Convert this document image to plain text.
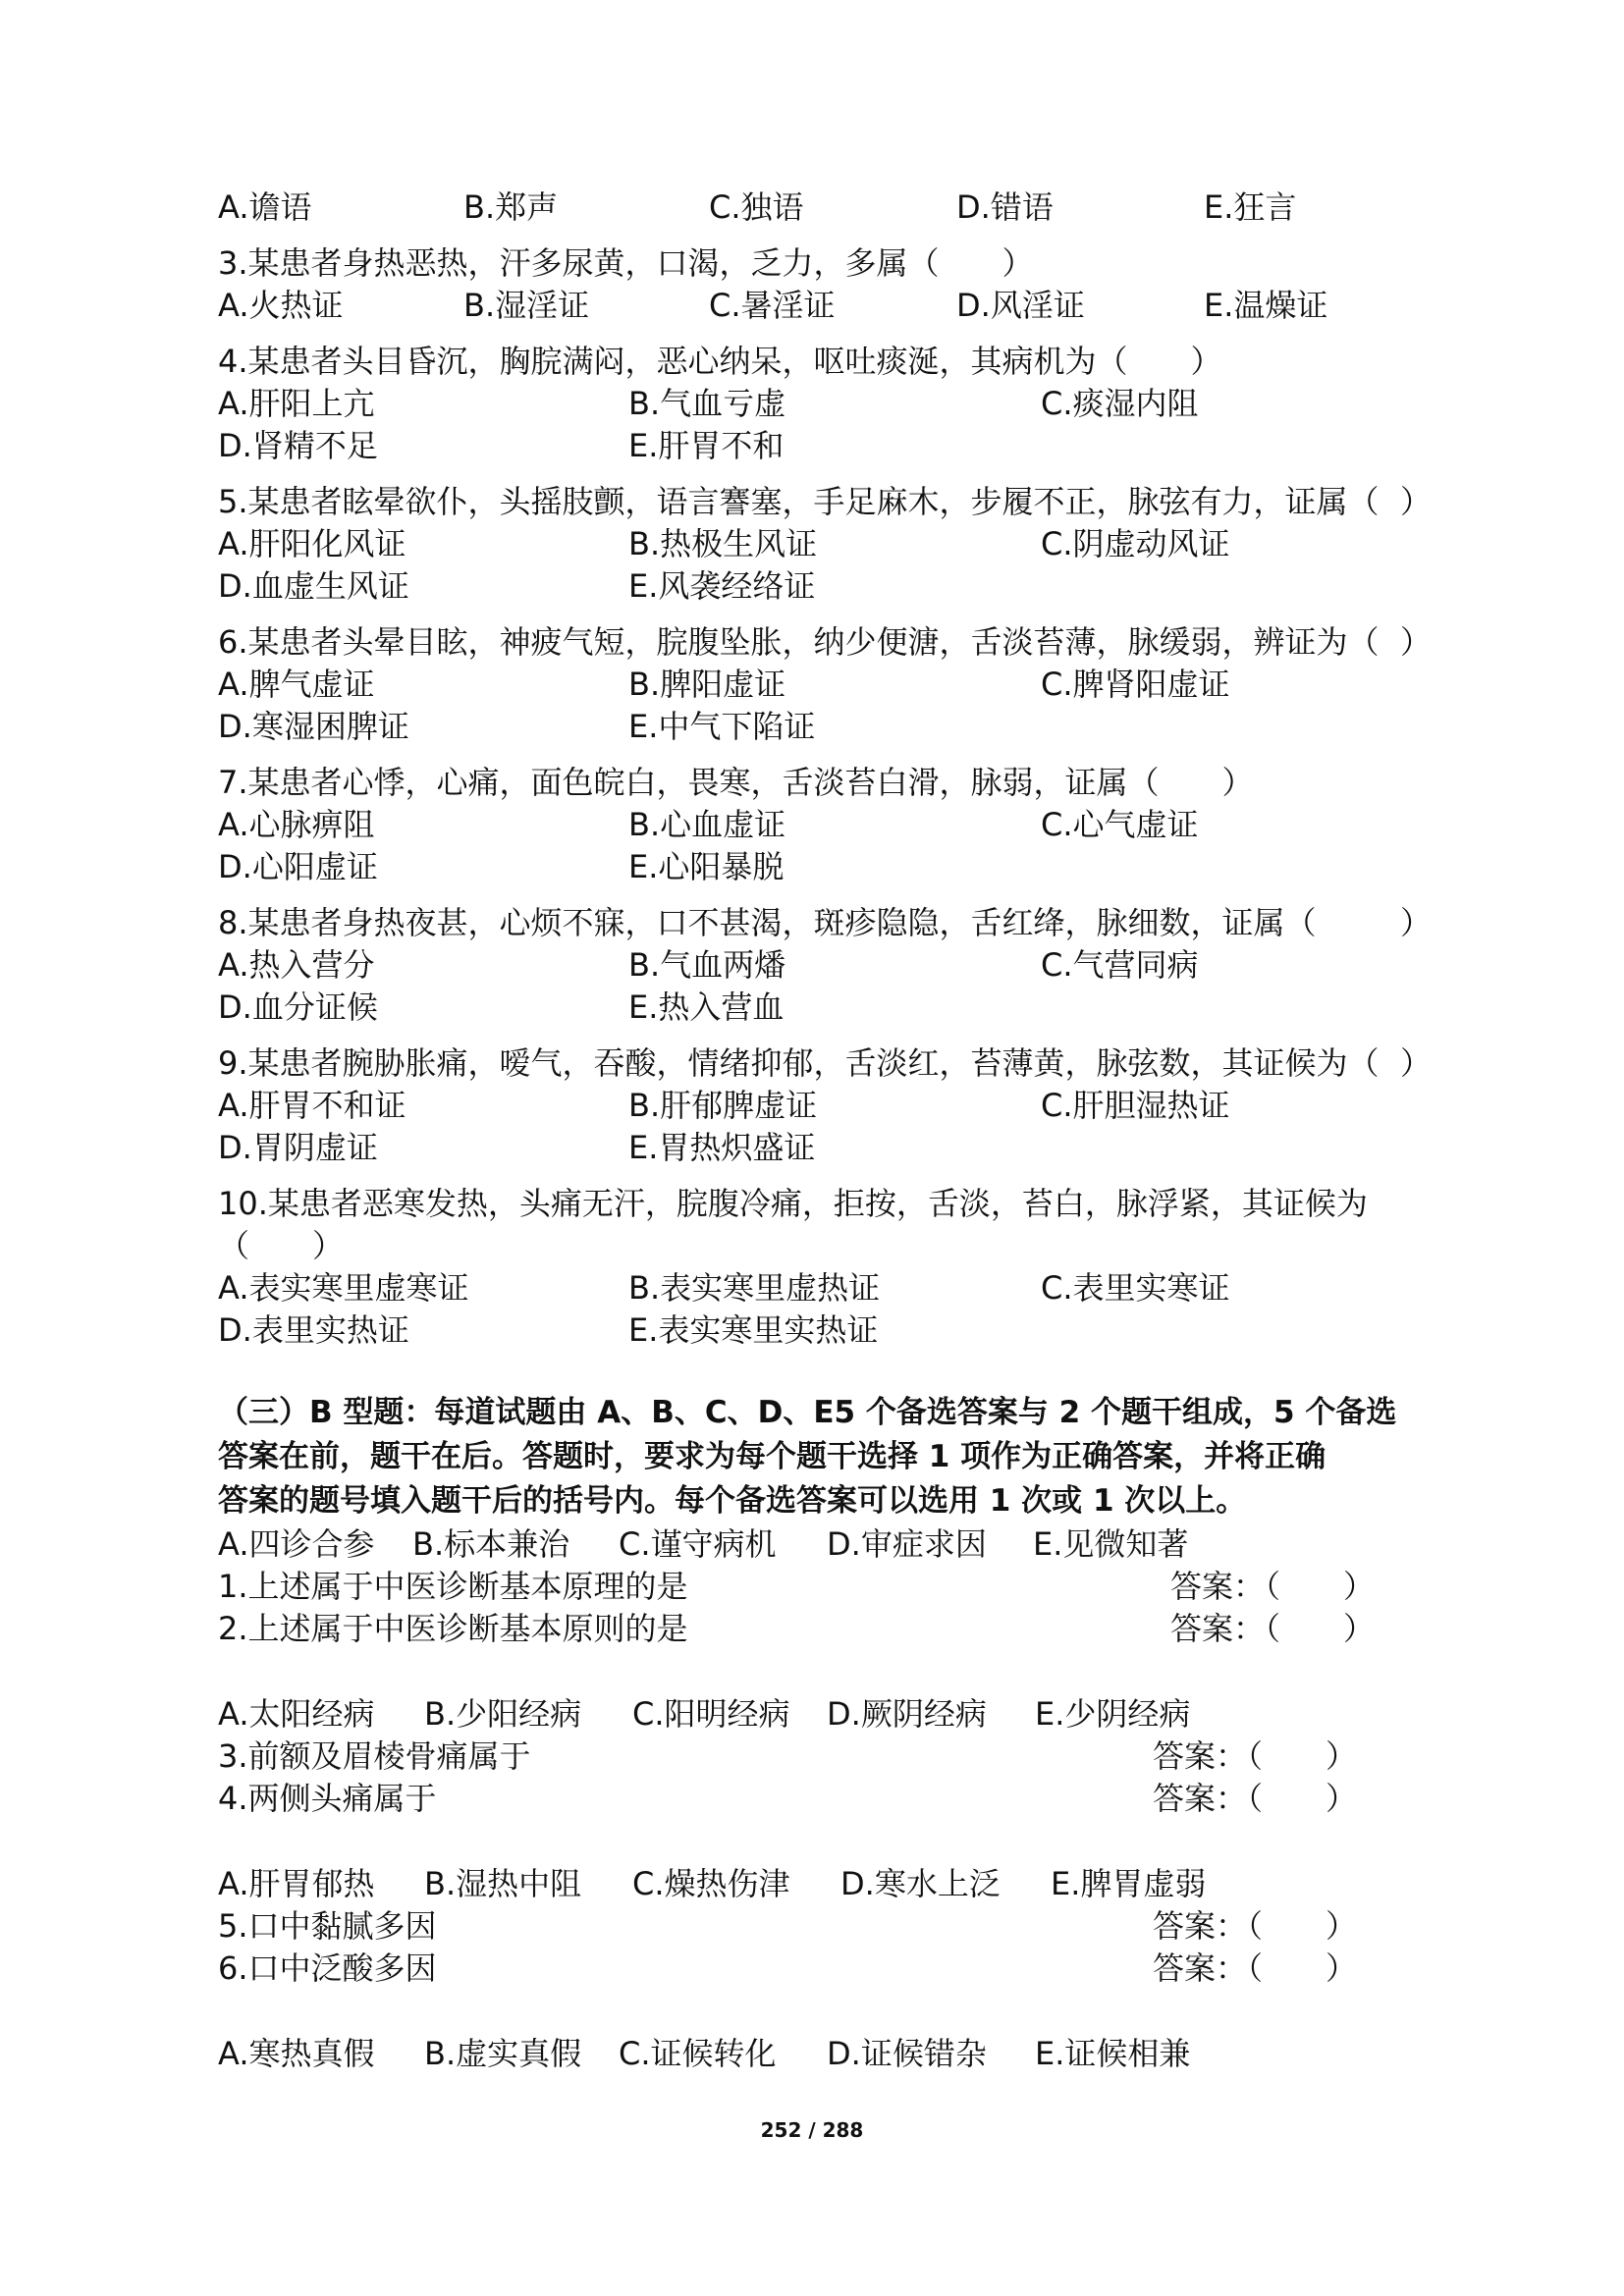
A.谵语	B.郑声	C.独语	D.错语	E.狂言
3.某患者身热恶热，汗多尿黄，口渴，乏力，多属（　　）
A.火热证	B.湿淫证	C.暑淫证	D.风淫证	E.温燥证
4.某患者头目昏沉，胸脘满闷，恶心纳呆，呕吐痰涎，其病机为（　　）
A.肝阳上亢	B.气血亏虚	C.痰湿内阻
D.肾精不足	E.肝胃不和
5.某患者眩晕欲仆，头摇肢颤，语言謇塞，手足麻木，步履不正，脉弦有力，证属（ ）
A.肝阳化风证	B.热极生风证	C.阴虚动风证
D.血虚生风证	E.风袭经络证
6.某患者头晕目眩，神疲气短，脘腹坠胀，纳少便溏，舌淡苔薄，脉缓弱，辨证为（ ）
A.脾气虚证	B.脾阳虚证	C.脾肾阳虚证
D.寒湿困脾证	E.中气下陷证
7.某患者心悸，心痛，面色皖白，畏寒，舌淡苔白滑，脉弱，证属（　　）
A.心脉痹阻	B.心血虚证	C.心气虚证
D.心阳虚证	E.心阳暴脱
8.某患者身热夜甚，心烦不寐，口不甚渴，斑疹隐隐，舌红绛，脉细数，证属（	）
A.热入营分	B.气血两燔	C.气营同病
D.血分证候	E.热入营血
9.某患者腕胁胀痛，嗳气，吞酸，情绪抑郁，舌淡红，苔薄黄，脉弦数，其证候为（ ）
A.肝胃不和证	B.肝郁脾虚证	C.肝胆湿热证
D.胃阴虚证	E.胃热炽盛证
10.某患者恶寒发热，头痛无汗，脘腹冷痛，拒按，舌淡，苔白，脉浮紧，其证候为
（　　）
A.表实寒里虚寒证	B.表实寒里虚热证	C.表里实寒证
D.表里实热证	E.表实寒里实热证
（三）B 型题：每道试题由 A、B、C、D、E5 个备选答案与 2 个题干组成，5 个备选
答案在前，题干在后。答题时，要求为每个题干选择 1 项作为正确答案，并将正确
答案的题号填入题干后的括号内。每个备选答案可以选用 1 次或 1 次以上。
A.四诊合参 B.标本兼治 C.谨守病机 D.审症求因 E.见微知著
1.上述属于中医诊断基本原理的是	答案：（　　）
2.上述属于中医诊断基本原则的是	答案：（　　）
A.太阳经病 B.少阳经病 C.阳明经病 D.厥阴经病 E.少阴经病
3.前额及眉棱骨痛属于	答案：（　　）
4.两侧头痛属于	答案：（　　）
A.肝胃郁热 B.湿热中阻 C.燥热伤津 D.寒水上泛 E.脾胃虚弱
5.口中黏腻多因	答案：（　　）
6.口中泛酸多因	答案：（　　）
A.寒热真假 B.虚实真假 C.证候转化 D.证候错杂 E.证候相兼
252 / 288
